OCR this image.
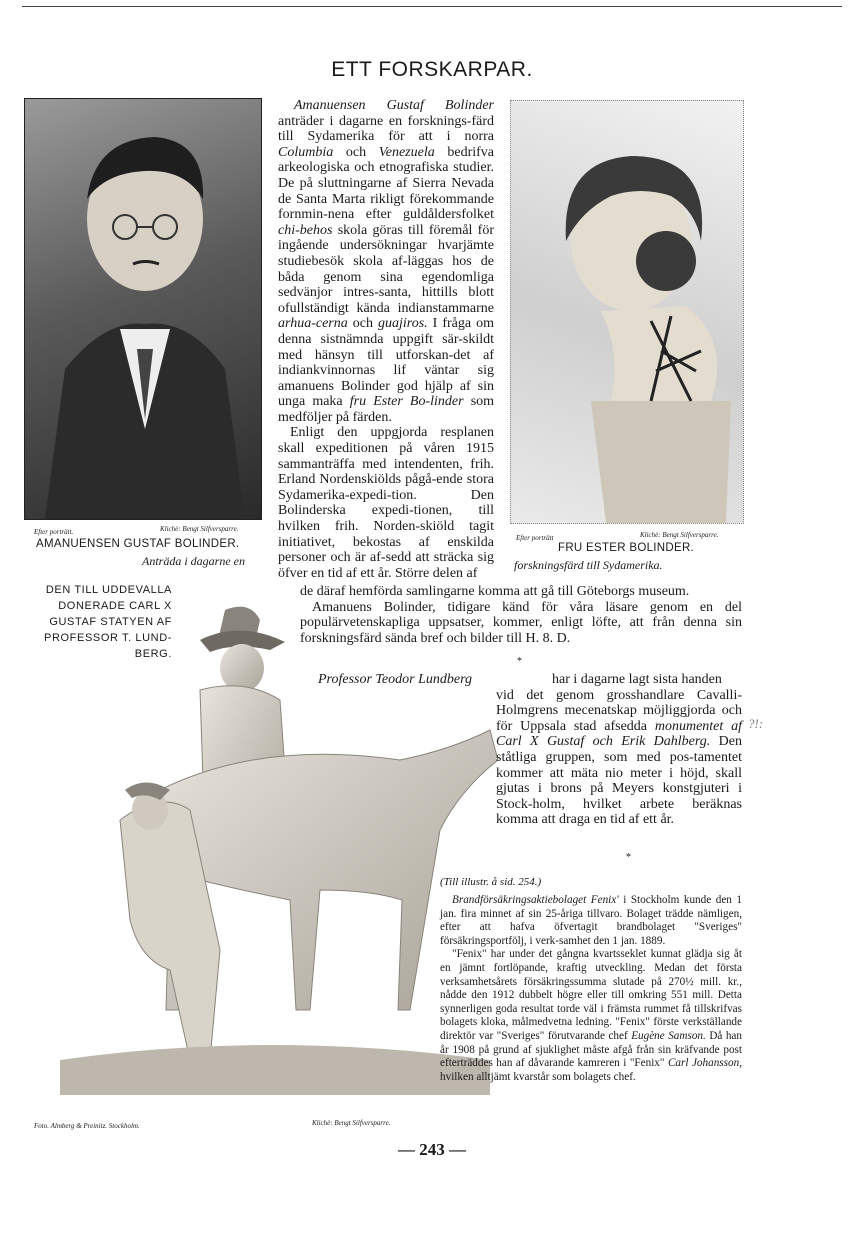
ETT FORSKARPAR.
Efter porträtt.	Klichè: Bengt Silfversparre.
AMANUENSEN GUSTAF BOLINDER.
Anträda i dagarne en
Efter porträtt	Klichè: Bengt Silfversparre.
FRU ESTER BOLINDER.
forskningsfärd till Sydamerika.

Amanuensen Gustaf Bolinder anträder i dagarne en forsknings-färd till Sydamerika för att i norra Columbia och Venezuela bedrifva arkeologiska och etnografiska studier. De på sluttningarne af Sierra Nevada de Santa Marta rikligt förekommande fornmin-nena efter guldåldersfolket chi-behos skola göras till föremål för ingående undersökningar hvarjämte studiebesök skola af-läggas hos de båda genom sina egendomliga sedvänjor intres-santa, hittills blott ofullständigt kända indianstammarne arhua-cerna och guajiros. I fråga om denna sistnämnda uppgift sär-skildt med hänsyn till utforskan-det af indiankvinnornas lif väntar sig amanuens Bolinder god hjälp af sin unga maka fru Ester Bo-linder som medföljer på färden.

Enligt den uppgjorda resplanen skall expeditionen på våren 1915 sammanträffa med intendenten, frih. Erland Nordenskiölds pågå-ende stora Sydamerika-expedi-tion. Den Bolinderska expedi-tionen, till hvilken frih. Norden-skiöld tagit initiativet, bekostas af enskilda personer och är af-sedd att sträcka sig öfver en tid af ett år. Större delen af

de däraf hemförda samlingarne komma att gå till Göteborgs museum.

Amanuens Bolinder, tidigare känd för våra läsare genom en del populärvetenskapliga uppsatser, kommer, enligt löfte, att från denna sin forskningsfärd sända bref och bilder till H. 8. D.

*
DEN TILL UDDEVALLA
DONERADE CARL X
GUSTAF STATYEN AF
PROFESSOR T. LUND-
BERG.
Foto. Almberg & Preinitz. Stockholm.	Klichè: Bengt Silfversparre.
Professor Teodor Lundberg	har i dagarne lagt sista handen
vid det genom grosshandlare Cavalli-Holmgrens mecenatskap möjliggjorda och för Uppsala stad afsedda monumentet af Carl X Gustaf och Erik Dahlberg. Den ståtliga gruppen, som med pos-tamentet kommer att mäta nio meter i höjd, skall gjutas i brons på Meyers konstgjuteri i Stock-holm, hvilket arbete beräknas komma att draga en tid af ett år.
?!:
*
(Till illustr. å sid. 254.)

Brandförsäkringsaktiebolaget Fenix' i Stockholm kunde den 1 jan. fira minnet af sin 25-åriga tillvaro. Bolaget trädde nämligen, efter att hafva öfvertagit brandbolaget "Sveriges" försäkringsportfölj, i verk-samhet den 1 jan. 1889.

"Fenix" har under det gångna kvartsseklet kunnat glädja sig åt en jämnt fortlöpande, kraftig utveckling. Medan det första verksamhetsårets försäkringssumma slutade på 270½ mill. kr., nådde den 1912 dubbelt högre eller till omkring 551 mill. Detta synnerligen goda resultat torde väl i främsta rummet få tillskrifvas bolagets kloka, målmedvetna ledning. "Fenix" förste verkställande direktör var "Sveriges" förutvarande chef Eugène Samson. Då han år 1908 på grund af sjuklighet måste afgå från sin kräfvande post efterträddes han af dåvarande kamreren i "Fenix" Carl Johansson, hvilken alltjämt kvarstår som bolagets chef.

— 243 —
